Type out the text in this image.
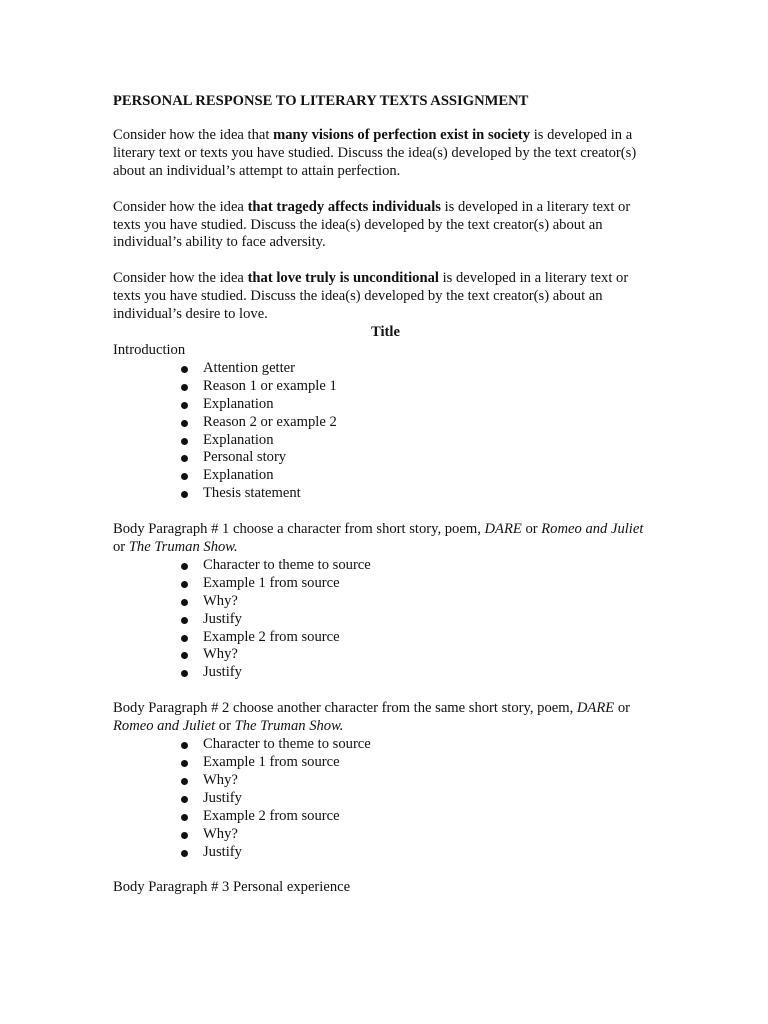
PERSONAL RESPONSE TO LITERARY TEXTS ASSIGNMENT

Consider how the idea that many visions of perfection exist in society is developed in a literary text or texts you have studied. Discuss the idea(s) developed by the text creator(s) about an individual’s attempt to attain perfection.

Consider how the idea that tragedy affects individuals is developed in a literary text or texts you have studied. Discuss the idea(s) developed by the text creator(s) about an individual’s ability to face adversity.

Consider how the idea that love truly is unconditional is developed in a literary text or texts you have studied. Discuss the idea(s) developed by the text creator(s) about an individual’s desire to love.

Title

Introduction

Attention getter
Reason 1 or example 1
Explanation
Reason 2 or example 2
Explanation
Personal story
Explanation
Thesis statement

Body Paragraph # 1 choose a character from short story, poem, DARE or Romeo and Juliet or The Truman Show.

Character to theme to source
Example 1 from source
Why?
Justify
Example 2 from source
Why?
Justify

Body Paragraph # 2 choose another character from the same short story, poem, DARE or Romeo and Juliet or The Truman Show.

Character to theme to source
Example 1 from source
Why?
Justify
Example 2 from source
Why?
Justify

Body Paragraph # 3 Personal experience
